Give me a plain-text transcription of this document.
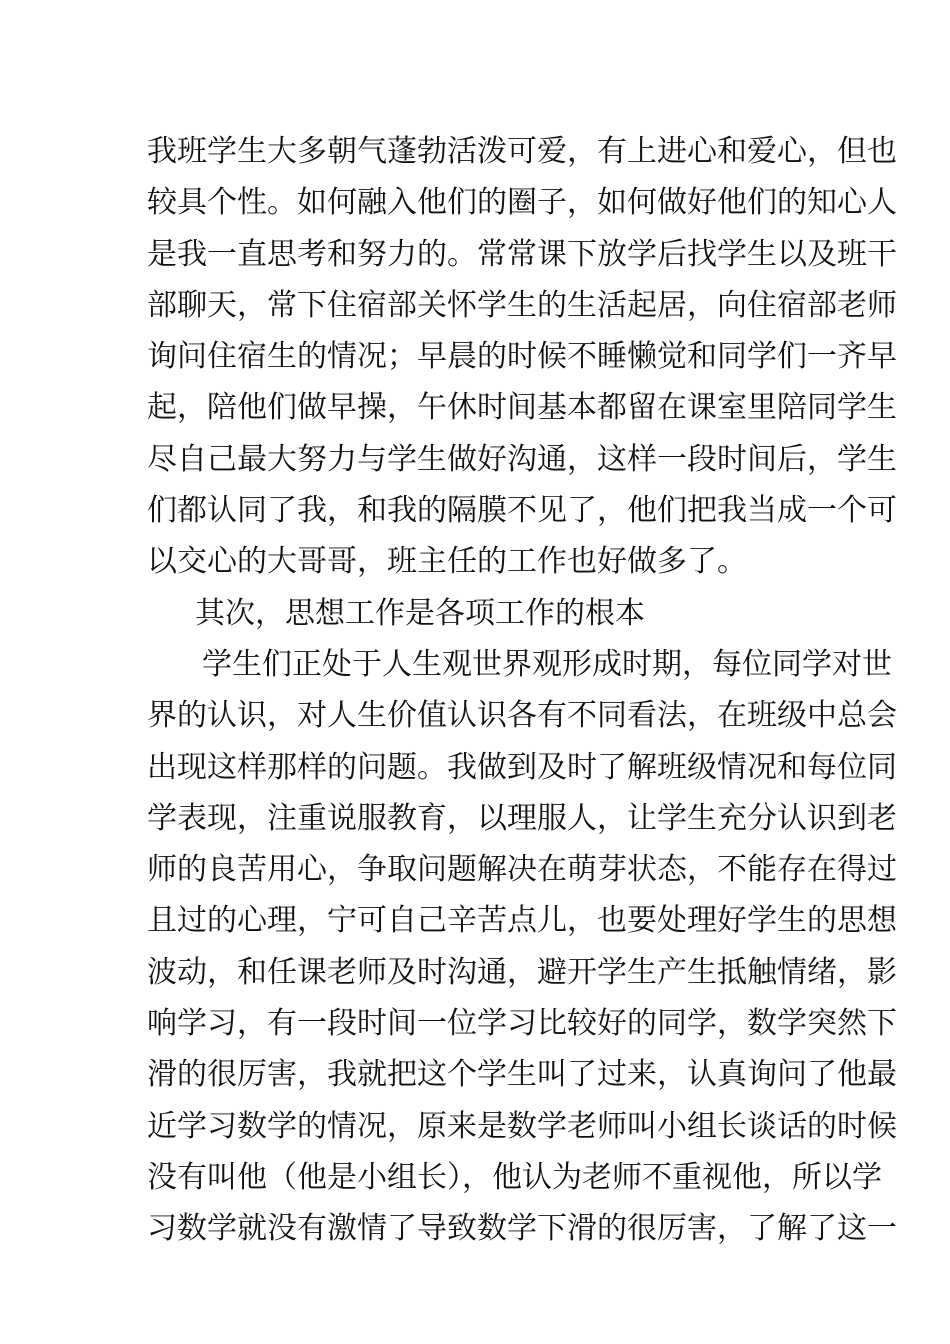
我班学生大多朝气蓬勃活泼可爱，有上进心和爱心，但也
较具个性。如何融入他们的圈子，如何做好他们的知心人
是我一直思考和努力的。常常课下放学后找学生以及班干
部聊天，常下住宿部关怀学生的生活起居，向住宿部老师
询问住宿生的情况；早晨的时候不睡懒觉和同学们一齐早
起，陪他们做早操，午休时间基本都留在课室里陪同学生
尽自己最大努力与学生做好沟通，这样一段时间后，学生
们都认同了我，和我的隔膜不见了，他们把我当成一个可
以交心的大哥哥，班主任的工作也好做多了。
其次，思想工作是各项工作的根本
学生们正处于人生观世界观形成时期，每位同学对世
界的认识，对人生价值认识各有不同看法，在班级中总会
出现这样那样的问题。我做到及时了解班级情况和每位同
学表现，注重说服教育，以理服人，让学生充分认识到老
师的良苦用心，争取问题解决在萌芽状态，不能存在得过
且过的心理，宁可自己辛苦点儿，也要处理好学生的思想
波动，和任课老师及时沟通，避开学生产生抵触情绪，影
响学习，有一段时间一位学习比较好的同学，数学突然下
滑的很厉害，我就把这个学生叫了过来，认真询问了他最
近学习数学的情况，原来是数学老师叫小组长谈话的时候
没有叫他（他是小组长），他认为老师不重视他，所以学
习数学就没有激情了导致数学下滑的很厉害，了解了这一
